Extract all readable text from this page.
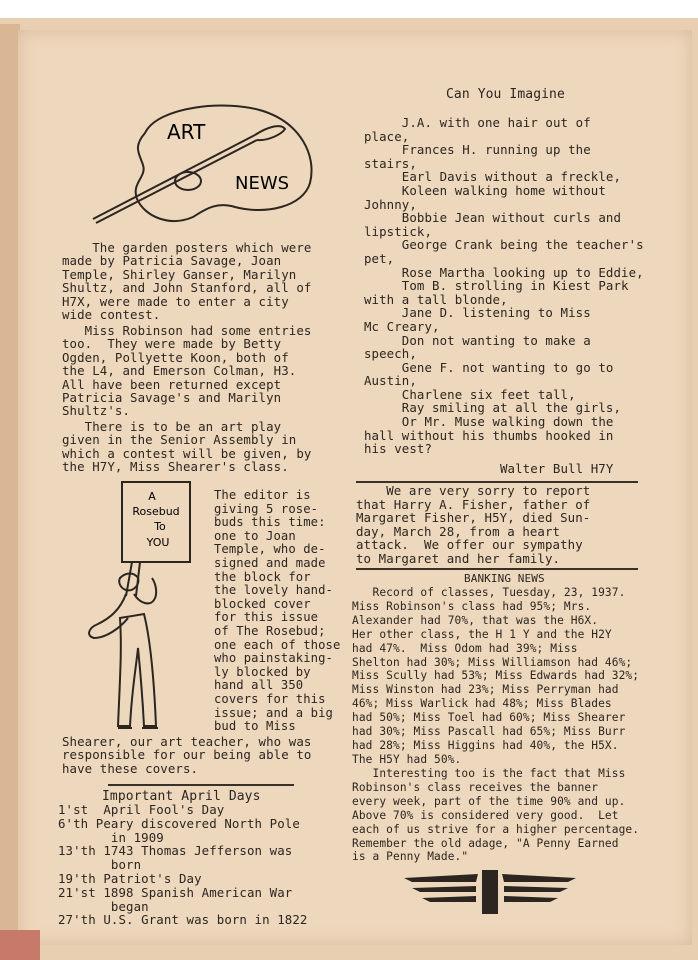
ART
NEWS
The garden posters which were
made by Patricia Savage, Joan
Temple, Shirley Ganser, Marilyn
Shultz, and John Stanford, all of
H7X, were made to enter a city
wide contest.
Miss Robinson had some entries
too.  They were made by Betty
Ogden, Pollyette Koon, both of
the L4, and Emerson Colman, H3.
All have been returned except
Patricia Savage's and Marilyn
Shultz's.
There is to be an art play
given in the Senior Assembly in
which a contest will be given, by
the H7Y, Miss Shearer's class.
A
Rosebud
To
YOU
The editor is
giving 5 rose-
buds this time:
one to Joan
Temple, who de-
signed and made
the block for
the lovely hand-
blocked cover
for this issue
of The Rosebud;
one each of those
who painstaking-
ly blocked by
hand all 350
covers for this
issue; and a big
bud to Miss
Shearer, our art teacher, who was
responsible for our being able to
have these covers.
Important April Days
1'st  April Fool's Day
6'th Peary discovered North Pole
in 1909
13'th 1743 Thomas Jefferson was
born
19'th Patriot's Day
21'st 1898 Spanish American War
began
27'th U.S. Grant was born in 1822
Can You Imagine
J.A. with one hair out of
place,
Frances H. running up the
stairs,
Earl Davis without a freckle,
Koleen walking home without
Johnny,
Bobbie Jean without curls and
lipstick,
George Crank being the teacher's
pet,
Rose Martha looking up to Eddie,
Tom B. strolling in Kiest Park
with a tall blonde,
Jane D. listening to Miss
Mc Creary,
Don not wanting to make a
speech,
Gene F. not wanting to go to
Austin,
Charlene six feet tall,
Ray smiling at all the girls,
Or Mr. Muse walking down the
hall without his thumbs hooked in
his vest?
Walter Bull H7Y
We are very sorry to report
that Harry A. Fisher, father of
Margaret Fisher, H5Y, died Sun-
day, March 28, from a heart
attack.  We offer our sympathy
to Margaret and her family.
BANKING NEWS
Record of classes, Tuesday, 23, 1937.
Miss Robinson's class had 95%; Mrs.
Alexander had 70%, that was the H6X.
Her other class, the H 1 Y and the H2Y
had 47%.  Miss Odom had 39%; Miss
Shelton had 30%; Miss Williamson had 46%;
Miss Scully had 53%; Miss Edwards had 32%;
Miss Winston had 23%; Miss Perryman had
46%; Miss Warlick had 48%; Miss Blades
had 50%; Miss Toel had 60%; Miss Shearer
had 30%; Miss Pascall had 65%; Miss Burr
had 28%; Miss Higgins had 40%, the H5X.
The H5Y had 50%.
Interesting too is the fact that Miss
Robinson's class receives the banner
every week, part of the time 90% and up.
Above 70% is considered very good.  Let
each of us strive for a higher percentage.
Remember the old adage, "A Penny Earned
is a Penny Made."
